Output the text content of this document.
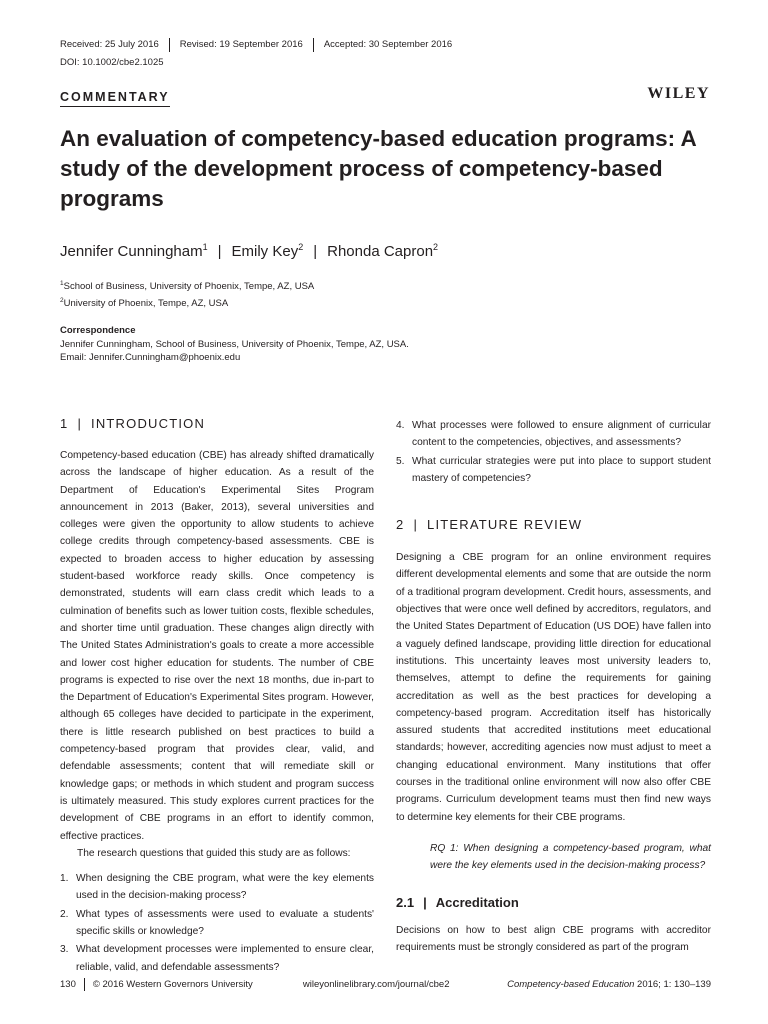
Received: 25 July 2016	Revised: 19 September 2016	Accepted: 30 September 2016
DOI: 10.1002/cbe2.1025
COMMENTARY	WILEY
An evaluation of competency-based education programs: A study of the development process of competency-based programs
Jennifer Cunningham$^1$ | Emily Key$^2$ | Rhonda Capron$^2$
$^1$School of Business, University of Phoenix, Tempe, AZ, USA
$^2$University of Phoenix, Tempe, AZ, USA
Correspondence
Jennifer Cunningham, School of Business, University of Phoenix, Tempe, AZ, USA.
Email: Jennifer.Cunningham@phoenix.edu
1 | INTRODUCTION

Competency-based education (CBE) has already shifted dramatically across the landscape of higher education. As a result of the Department of Education's Experimental Sites Program announcement in 2013 (Baker, 2013), several universities and colleges were given the opportunity to allow students to achieve college credits through competency-based assessments. CBE is expected to broaden access to higher education by assessing student-based workforce ready skills. Once competency is demonstrated, students will earn class credit which leads to a culmination of benefits such as lower tuition costs, flexible schedules, and shorter time until graduation. These changes align directly with The United States Administration's goals to create a more accessible and lower cost higher education for students. The number of CBE programs is expected to rise over the next 18 months, due in-part to the Department of Education's Experimental Sites program. However, although 65 colleges have decided to participate in the experiment, there is little research published on best practices to build a competency-based program that provides clear, valid, and defendable assessments; content that will remediate skill or knowledge gaps; or methods in which student and program success is ultimately measured. This study explores current practices for the development of CBE programs in an effort to identify common, effective practices.

The research questions that guided this study are as follows:

1. When designing the CBE program, what were the key elements used in the decision-making process?
2. What types of assessments were used to evaluate a students' specific skills or knowledge?
3. What development processes were implemented to ensure clear, reliable, valid, and defendable assessments?
4. What processes were followed to ensure alignment of curricular content to the competencies, objectives, and assessments?
5. What curricular strategies were put into place to support student mastery of competencies?
2 | LITERATURE REVIEW

Designing a CBE program for an online environment requires different developmental elements and some that are outside the norm of a traditional program development. Credit hours, assessments, and objectives that were once well defined by accreditors, regulators, and the United States Department of Education (US DOE) have fallen into a vaguely defined landscape, providing little direction for educational institutions. This uncertainty leaves most university leaders to, themselves, attempt to define the requirements for gaining accreditation as well as the best practices for developing a competency-based program. Accreditation itself has historically assured students that accredited institutions meet educational standards; however, accrediting agencies now must adjust to meet a changing educational environment. Many institutions that offer courses in the traditional online environment will now also offer CBE programs. Curriculum development teams must then find new ways to determine key elements for their CBE programs.

RQ 1: When designing a competency-based program, what were the key elements used in the decision-making process?

2.1 | Accreditation

Decisions on how to best align CBE programs with accreditor requirements must be strongly considered as part of the program

130	© 2016 Western Governors University	wileyonlinelibrary.com/journal/cbe2	Competency-based Education 2016; 1: 130–139
